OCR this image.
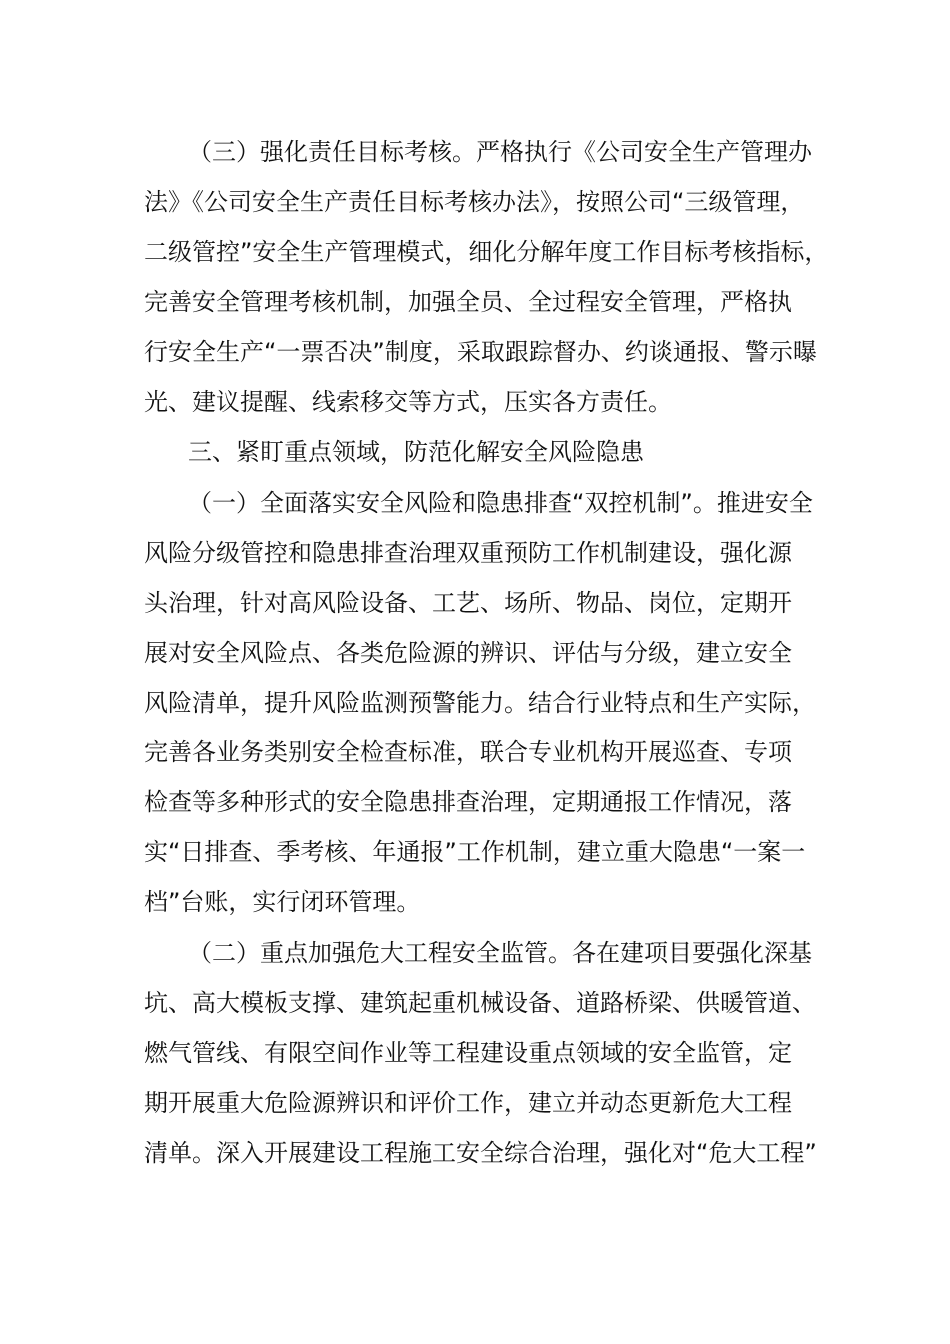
（三）强化责任目标考核。严格执行《公司安全生产管理办
法》《公司安全生产责任目标考核办法》，按照公司“三级管理，
二级管控”安全生产管理模式，细化分解年度工作目标考核指标，
完善安全管理考核机制，加强全员、全过程安全管理，严格执
行安全生产“一票否决”制度，采取跟踪督办、约谈通报、警示曝
光、建议提醒、线索移交等方式，压实各方责任。
三、紧盯重点领域，防范化解安全风险隐患
（一）全面落实安全风险和隐患排查“双控机制”。推进安全
风险分级管控和隐患排查治理双重预防工作机制建设，强化源
头治理，针对高风险设备、工艺、场所、物品、岗位，定期开
展对安全风险点、各类危险源的辨识、评估与分级，建立安全
风险清单，提升风险监测预警能力。结合行业特点和生产实际，
完善各业务类别安全检查标准，联合专业机构开展巡查、专项
检查等多种形式的安全隐患排查治理，定期通报工作情况，落
实“日排查、季考核、年通报”工作机制，建立重大隐患“一案一
档”台账，实行闭环管理。
（二）重点加强危大工程安全监管。各在建项目要强化深基
坑、高大模板支撑、建筑起重机械设备、道路桥梁、供暖管道、
燃气管线、有限空间作业等工程建设重点领域的安全监管，定
期开展重大危险源辨识和评价工作，建立并动态更新危大工程
清单。深入开展建设工程施工安全综合治理，强化对“危大工程”
